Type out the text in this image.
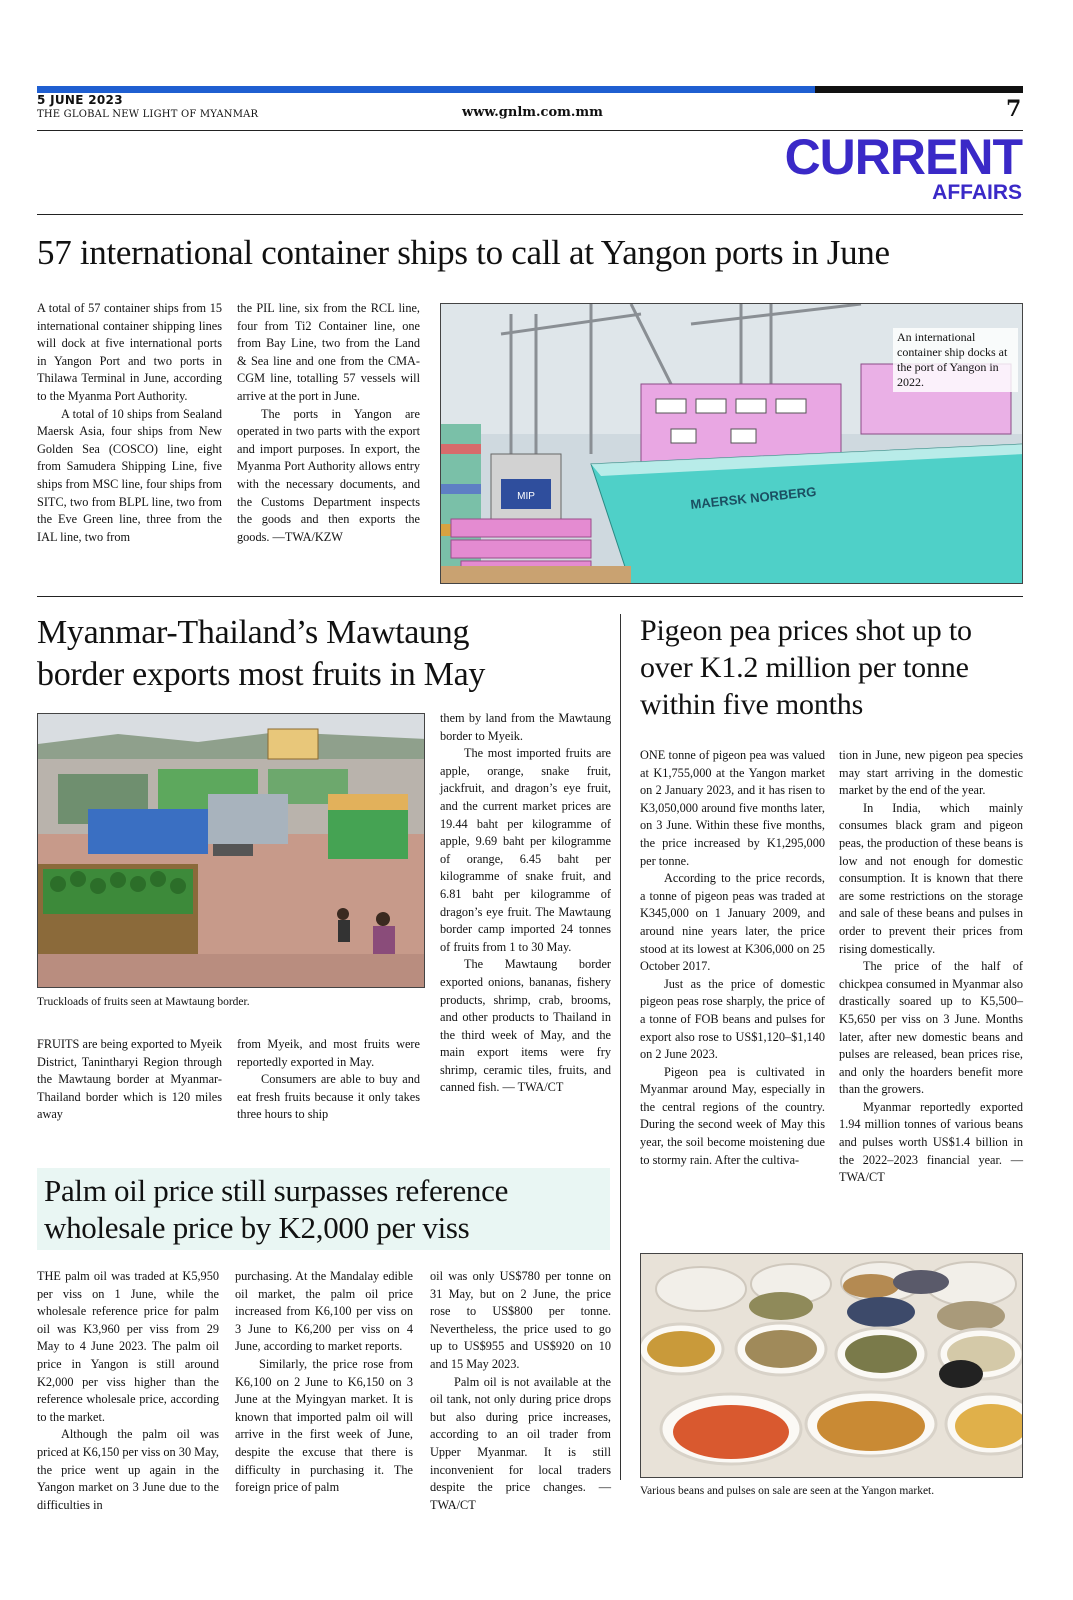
5 JUNE 2023
THE GLOBAL NEW LIGHT OF MYANMAR	www.gnlm.com.mm	7
CURRENT
AFFAIRS
57 international container ships to call at Yangon ports in June

A total of 57 container ships from 15 international container shipping lines will dock at five international ports in Yangon Port and two ports in Thilawa Terminal in June, according to the Myanma Port Authority.

A total of 10 ships from Sealand Maersk Asia, four ships from New Golden Sea (COSCO) line, eight from Samudera Shipping Line, five ships from MSC line, four ships from SITC, two from BLPL line, two from the Eve Green line, three from the IAL line, two from

the PIL line, six from the RCL line, four from Ti2 Container line, one from Bay Line, two from the Land & Sea line and one from the CMA-CGM line, totalling 57 vessels will arrive at the port in June.

The ports in Yangon are operated in two parts with the export and import purposes. In export, the Myanma Port Authority allows entry with the necessary documents, and the Customs Department inspects the goods and then exports the goods. —TWA/KZW

MIP	MAERSK NORBERG
An international container ship docks at the port of Yangon in 2022.
Myanmar-Thailand’s Mawtaung
border exports most fruits in May
Truckloads of fruits seen at Mawtaung border.

them by land from the Mawtaung border to Myeik.

The most imported fruits are apple, orange, snake fruit, jackfruit, and dragon’s eye fruit, and the current market prices are 19.44 baht per kilogramme of apple, 9.69 baht per kilogramme of orange, 6.45 baht per kilogramme of snake fruit, and 6.81 baht per kilogramme of dragon’s eye fruit. The Mawtaung border camp imported 24 tonnes of fruits from 1 to 30 May.

The Mawtaung border exported onions, bananas, fishery products, shrimp, crab, brooms, and other products to Thailand in the third week of May, and the main export items were fry shrimp, ceramic tiles, fruits, and canned fish. — TWA/CT

FRUITS are being exported to Myeik District, Tanintharyi Region through the Mawtaung border at Myanmar-Thailand border which is 120 miles away

from Myeik, and most fruits were reportedly exported in May.

Consumers are able to buy and eat fresh fruits because it only takes three hours to ship

Pigeon pea prices shot up to
over K1.2 million per tonne
within five months

ONE tonne of pigeon pea was valued at K1,755,000 at the Yangon market on 2 January 2023, and it has risen to K3,050,000 around five months later, on 3 June. Within these five months, the price increased by K1,295,000 per tonne.

According to the price records, a tonne of pigeon peas was traded at K345,000 on 1 January 2009, and around nine years later, the price stood at its lowest at K306,000 on 25 October 2017.

Just as the price of domestic pigeon peas rose sharply, the price of a tonne of FOB beans and pulses for export also rose to US$1,120–$1,140 on 2 June 2023.

Pigeon pea is cultivated in Myanmar around May, especially in the central regions of the country. During the second week of May this year, the soil become moistening due to stormy rain. After the cultiva-

tion in June, new pigeon pea species may start arriving in the domestic market by the end of the year.

In India, which mainly consumes black gram and pigeon peas, the production of these beans is low and not enough for domestic consumption. It is known that there are some restrictions on the storage and sale of these beans and pulses in order to prevent their prices from rising domestically.

The price of the half of chickpea consumed in Myanmar also drastically soared up to K5,500–K5,650 per viss on 3 June. Months later, after new domestic beans and pulses are released, bean prices rise, and only the hoarders benefit more than the growers.

Myanmar reportedly exported 1.94 million tonnes of various beans and pulses worth US$1.4 billion in the 2022–2023 financial year. — TWA/CT

Various beans and pulses on sale are seen at the Yangon market.
Palm oil price still surpasses reference
wholesale price by K2,000 per viss

THE palm oil was traded at K5,950 per viss on 1 June, while the wholesale reference price for palm oil was K3,960 per viss from 29 May to 4 June 2023. The palm oil price in Yangon is still around K2,000 per viss higher than the reference wholesale price, according to the market.

Although the palm oil was priced at K6,150 per viss on 30 May, the price went up again in the Yangon market on 3 June due to the difficulties in

purchasing. At the Mandalay edible oil market, the palm oil price increased from K6,100 per viss on 3 June to K6,200 per viss on 4 June, according to market reports.

Similarly, the price rose from K6,100 on 2 June to K6,150 on 3 June at the Myingyan market. It is known that imported palm oil will arrive in the first week of June, despite the excuse that there is difficulty in purchasing it. The foreign price of palm

oil was only US$780 per tonne on 31 May, but on 2 June, the price rose to US$800 per tonne. Nevertheless, the price used to go up to US$955 and US$920 on 10 and 15 May 2023.

Palm oil is not available at the oil tank, not only during price drops but also during price increases, according to an oil trader from Upper Myanmar. It is still inconvenient for local traders despite the price changes. — TWA/CT
